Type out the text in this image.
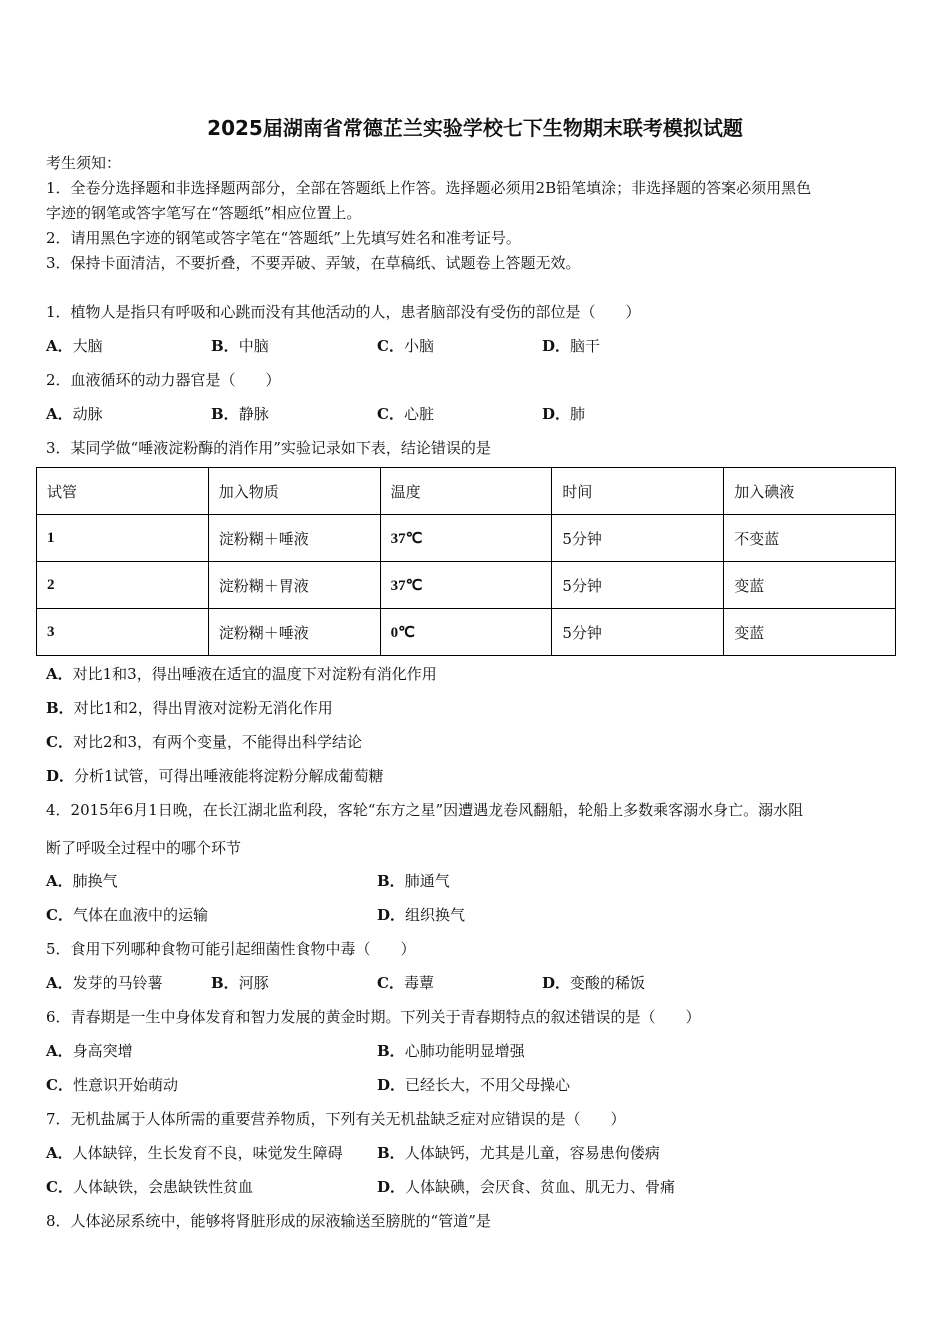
2025届湖南省常德芷兰实验学校七下生物期末联考模拟试题
考生须知：
1．全卷分选择题和非选择题两部分，全部在答题纸上作答。选择题必须用2B铅笔填涂；非选择题的答案必须用黑色
字迹的钢笔或答字笔写在“答题纸”相应位置上。
2．请用黑色字迹的钢笔或答字笔在“答题纸”上先填写姓名和准考证号。
3．保持卡面清洁，不要折叠，不要弄破、弄皱，在草稿纸、试题卷上答题无效。
1．植物人是指只有呼吸和心跳而没有其他活动的人，患者脑部没有受伤的部位是（　　）
A．大脑	B．中脑	C．小脑	D．脑干
2．血液循环的动力器官是（　　）
A．动脉	B．静脉	C．心脏	D．肺
3．某同学做“唾液淀粉酶的消作用”实验记录如下表，结论错误的是
试管	加入物质	温度	时间	加入碘液
1	淀粉糊＋唾液	37℃	5分钟	不变蓝
2	淀粉糊＋胃液	37℃	5分钟	变蓝
3	淀粉糊＋唾液	0℃	5分钟	变蓝
A．对比1和3，得出唾液在适宜的温度下对淀粉有消化作用
B．对比1和2，得出胃液对淀粉无消化作用
C．对比2和3，有两个变量，不能得出科学结论
D．分析1试管，可得出唾液能将淀粉分解成葡萄糖
4．2015年6月1日晚，在长江湖北监利段，客轮“东方之星”因遭遇龙卷风翻船，轮船上多数乘客溺水身亡。溺水阻
断了呼吸全过程中的哪个环节
A．肺换气	B．肺通气
C．气体在血液中的运输	D．组织换气
5．食用下列哪种食物可能引起细菌性食物中毒（　　）
A．发芽的马铃薯	B．河豚	C．毒蕈	D．变酸的稀饭
6．青春期是一生中身体发育和智力发展的黄金时期。下列关于青春期特点的叙述错误的是（　　）
A．身高突增	B．心肺功能明显增强
C．性意识开始萌动	D．已经长大，不用父母操心
7．无机盐属于人体所需的重要营养物质，下列有关无机盐缺乏症对应错误的是（　　）
A．人体缺锌，生长发育不良，味觉发生障碍 B．人体缺钙，尤其是儿童，容易患佝偻病
C．人体缺铁，会患缺铁性贫血	D．人体缺碘，会厌食、贫血、肌无力、骨痛
8．人体泌尿系统中，能够将肾脏形成的尿液输送至膀胱的“管道”是
